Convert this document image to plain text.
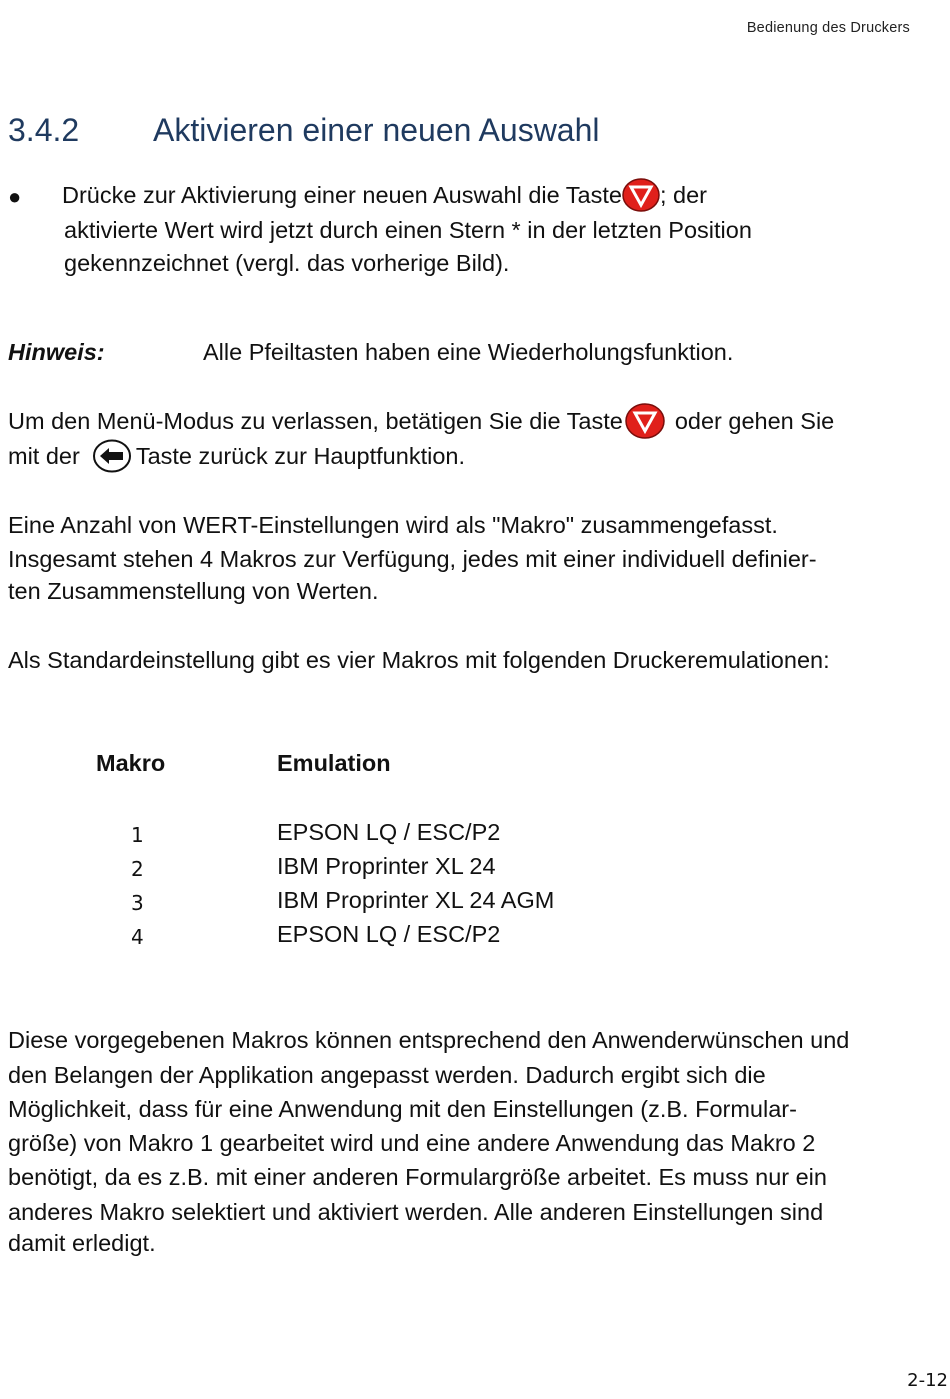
Bedienung des Druckers
3.4.2 Aktivieren einer neuen Auswahl
● Drücke zur Aktivierung einer neuen Auswahl die Taste ; der
aktivierte Wert wird jetzt durch einen Stern * in der letzten Position
gekennzeichnet (vergl. das vorherige Bild).
Hinweis:	Alle Pfeiltasten haben eine Wiederholungsfunktion.
Um den Menü-Modus zu verlassen, betätigen Sie die Taste oder gehen Sie
mit der Taste zurück zur Hauptfunktion.
Eine Anzahl von WERT-Einstellungen wird als "Makro" zusammengefasst.
Insgesamt stehen 4 Makros zur Verfügung, jedes mit einer individuell definier-
ten Zusammenstellung von Werten.
Als Standardeinstellung gibt es vier Makros mit folgenden Druckeremulationen:
Makro	Emulation
1	EPSON LQ / ESC/P2
2	IBM Proprinter XL 24
3	IBM Proprinter XL 24 AGM
4	EPSON LQ / ESC/P2
Diese vorgegebenen Makros können entsprechend den Anwenderwünschen und
den Belangen der Applikation angepasst werden. Dadurch ergibt sich die
Möglichkeit, dass für eine Anwendung mit den Einstellungen (z.B. Formular-
größe) von Makro 1 gearbeitet wird und eine andere Anwendung das Makro 2
benötigt, da es z.B. mit einer anderen Formulargröße arbeitet. Es muss nur ein
anderes Makro selektiert und aktiviert werden. Alle anderen Einstellungen sind
damit erledigt.
2-12
